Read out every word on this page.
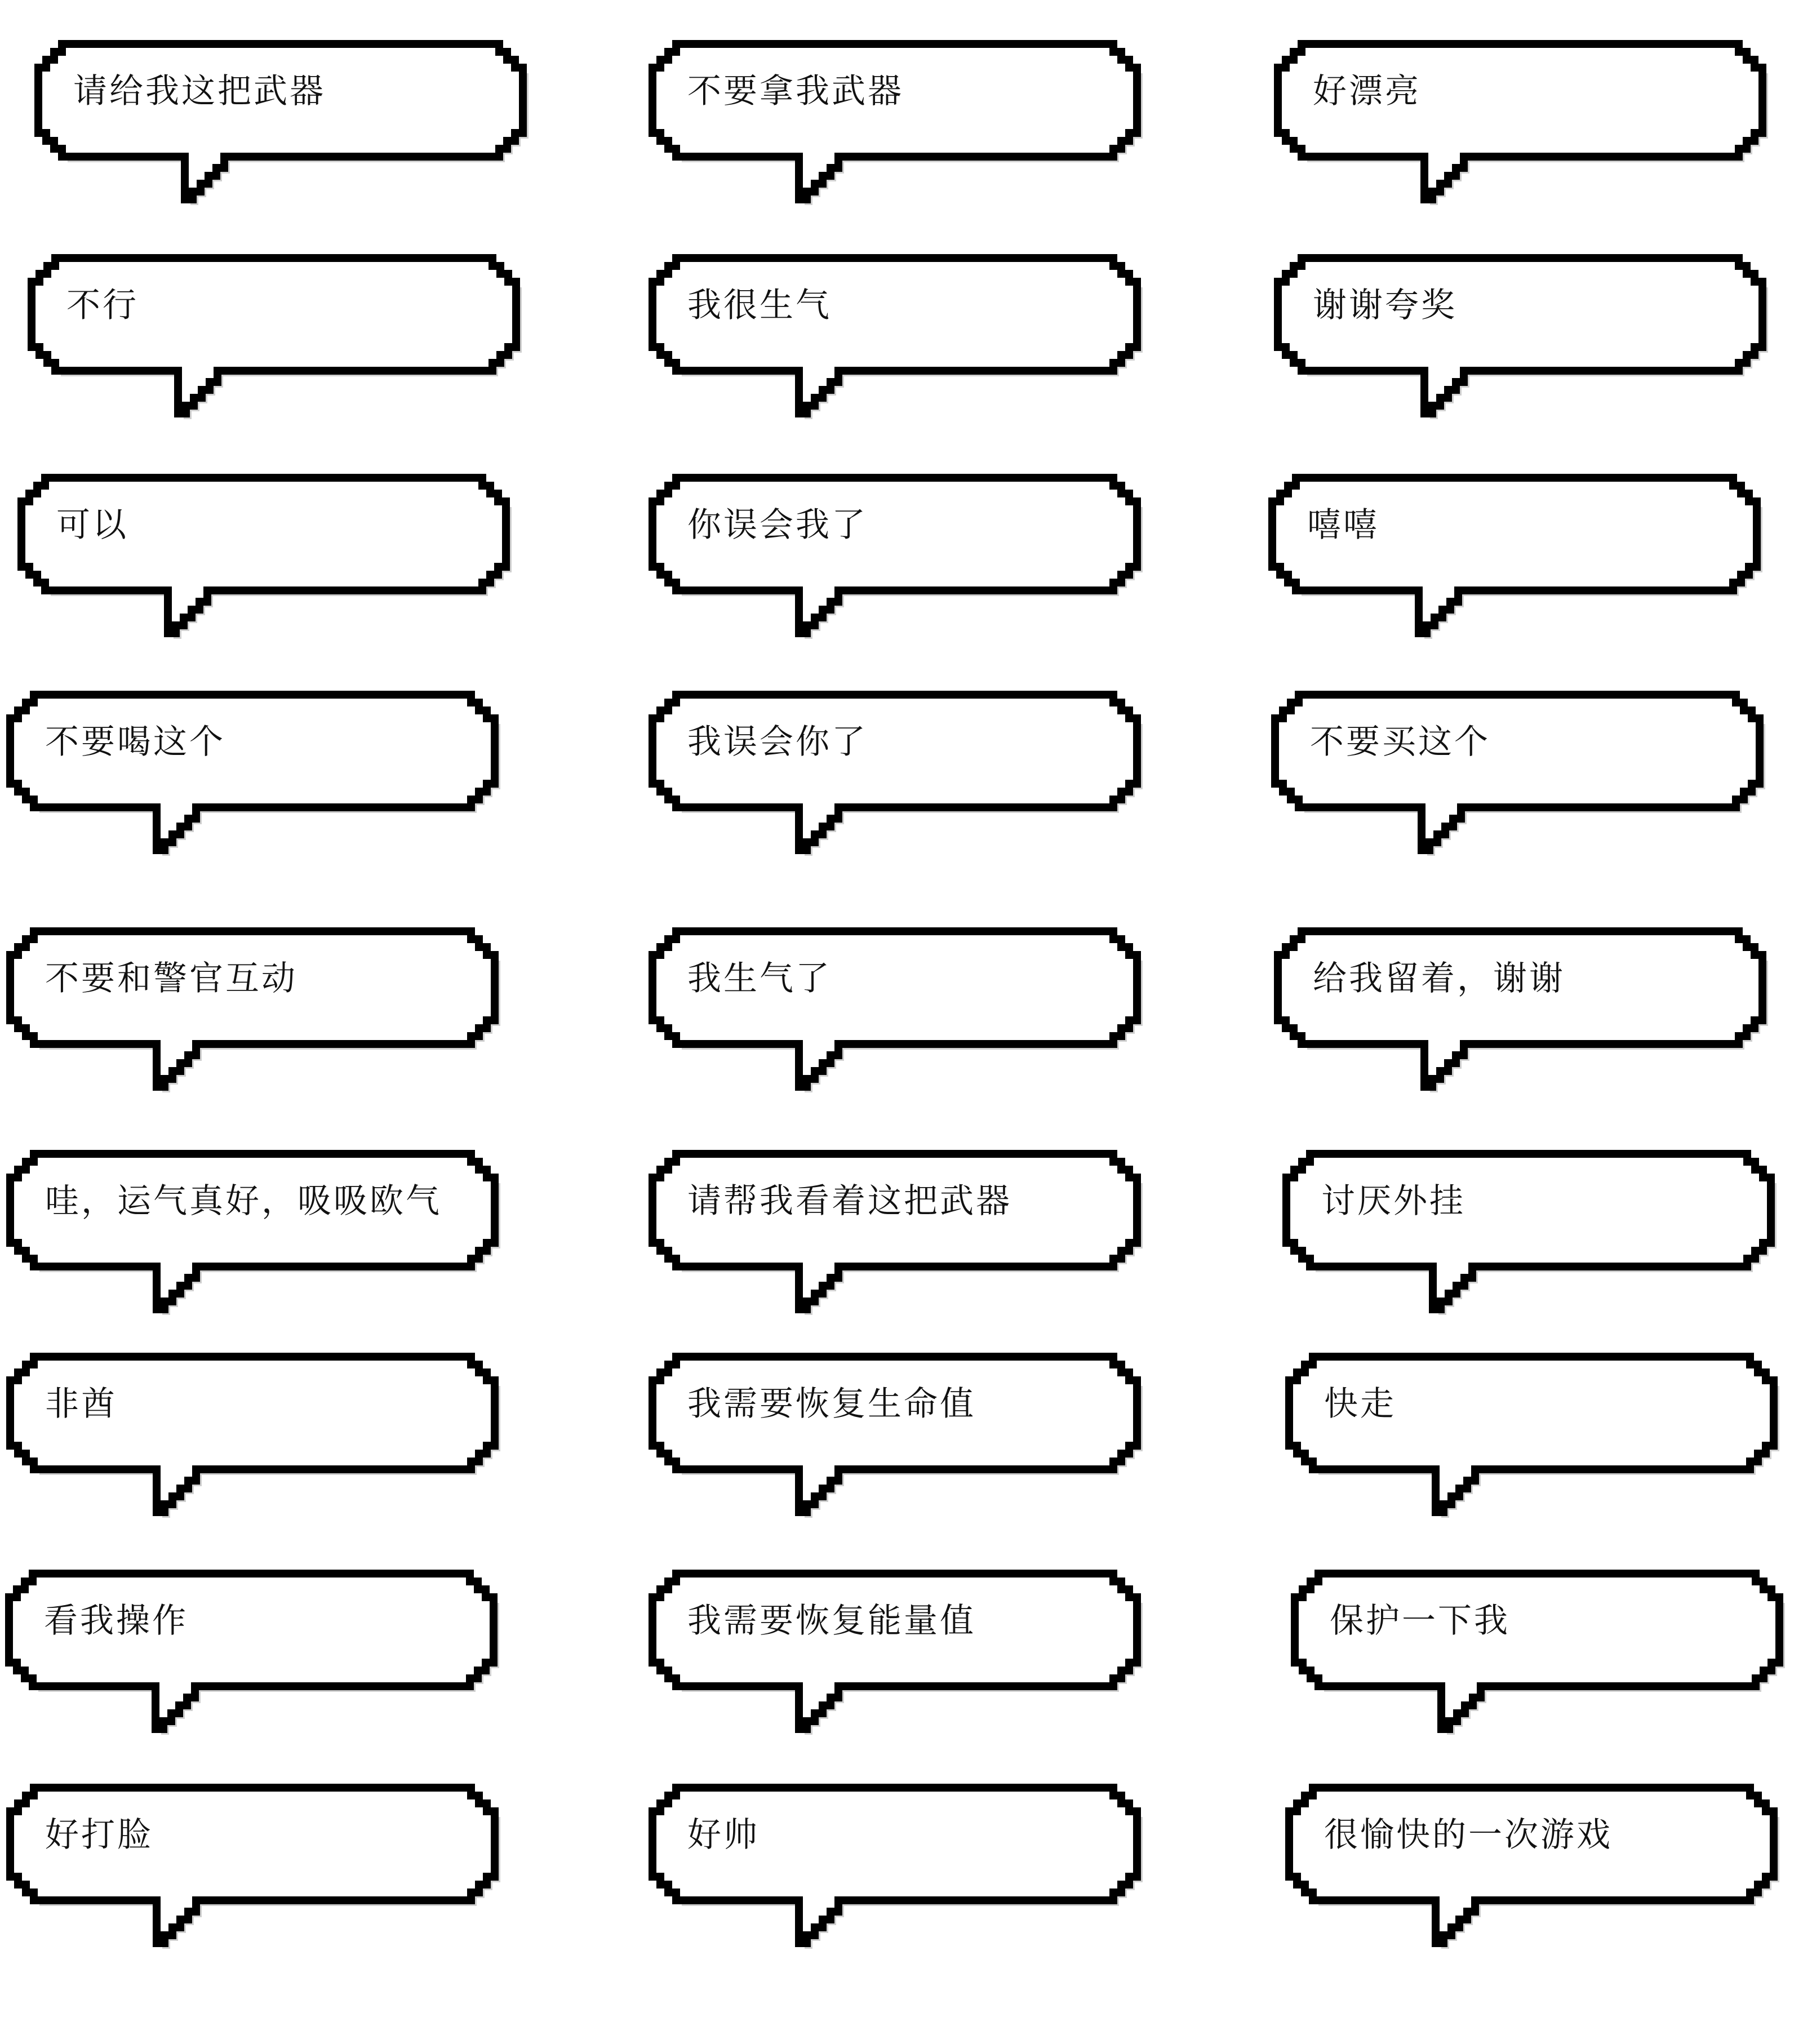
请给我这把武器
不行
可以
不要喝这个
不要和警官互动
哇，运气真好，吸吸欧气
非酋
看我操作
好打脸
不要拿我武器
我很生气
你误会我了
我误会你了
我生气了
请帮我看着这把武器
我需要恢复生命值
我需要恢复能量值
好帅
好漂亮
谢谢夸奖
嘻嘻
不要买这个
给我留着，谢谢
讨厌外挂
快走
保护一下我
很愉快的一次游戏
